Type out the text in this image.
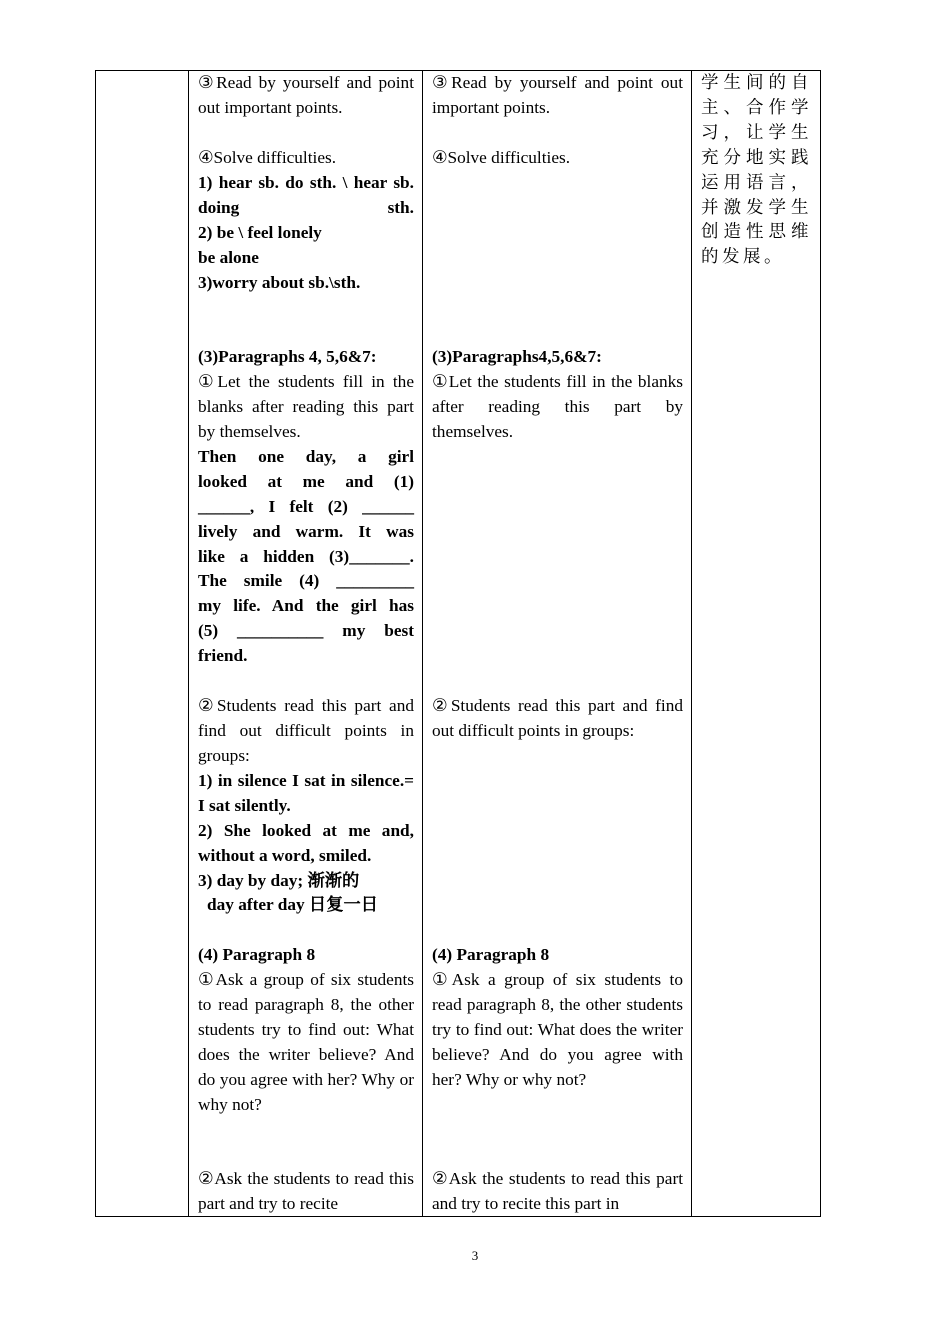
③Read by yourself and point out important points.
④Solve difficulties.
1) hear sb. do sth. \ hear sb. doing sth.
2) be \ feel lonely
be alone
3)worry about sb.\sth.
(3)Paragraphs 4, 5,6&7:
①Let the students fill in the blanks after reading this part by themselves.
Then one day, a girl
looked at me and (1)
______, I felt (2) ______
lively and warm. It was
like a hidden (3)_______.
The smile (4) _________
my life. And the girl has
(5) __________ my best
friend.
②Students read this part and find out difficult points in groups:
1) in silence I sat in silence.= I sat silently.
2) She looked at me and, without a word, smiled.
3) day by day; 渐渐的
day after day 日复一日
(4) Paragraph 8
①Ask a group of six students to read paragraph 8, the other students try to find out: What does the writer believe? And do you agree with her? Why or why not?
②Ask the students to read this part and try to recite

③Read by yourself and point out important points.
④Solve difficulties.
(3)Paragraphs4,5,6&7:
①Let the students fill in the blanks after reading this part by themselves.
②Students read this part and find out difficult points in groups:
(4) Paragraph 8
①Ask a group of six students to read paragraph 8, the other students try to find out: What does the writer believe? And do you agree with her? Why or why not?
②Ask the students to read this part and try to recite this part in

学生间的自主、合作学习，让学生充分地实践运用语言，并激发学生创造性思维的发展。
3
